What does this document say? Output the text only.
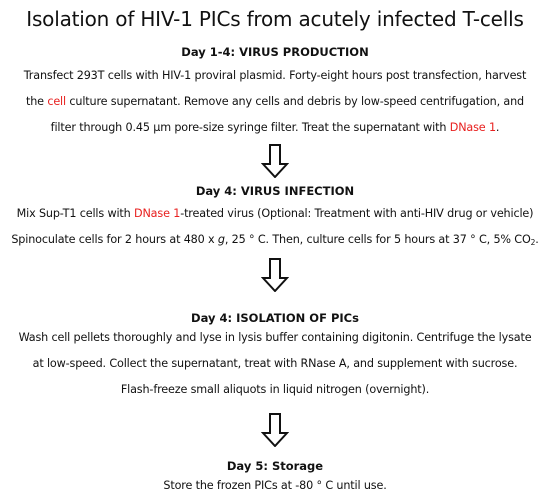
Isolation of HIV-1 PICs from acutely infected T-cells
Day 1-4: VIRUS PRODUCTION
Transfect 293T cells with HIV-1 proviral plasmid. Forty-eight hours post transfection, harvest
the cell culture supernatant. Remove any cells and debris by low-speed centrifugation, and
filter through 0.45 μm pore-size syringe filter. Treat the supernatant with DNase 1.
Day 4: VIRUS INFECTION
Mix Sup-T1 cells with DNase 1-treated virus (Optional: Treatment with anti-HIV drug or vehicle)
Spinoculate cells for 2 hours at 480 x g, 25 ° C. Then, culture cells for 5 hours at 37 ° C, 5% $CO_2$.
Day 4: ISOLATION OF PICs
Wash cell pellets thoroughly and lyse in lysis buffer containing digitonin. Centrifuge the lysate
at low-speed. Collect the supernatant, treat with RNase A, and supplement with sucrose.
Flash-freeze small aliquots in liquid nitrogen (overnight).
Day 5: Storage
Store the frozen PICs at -80 ° C until use.
